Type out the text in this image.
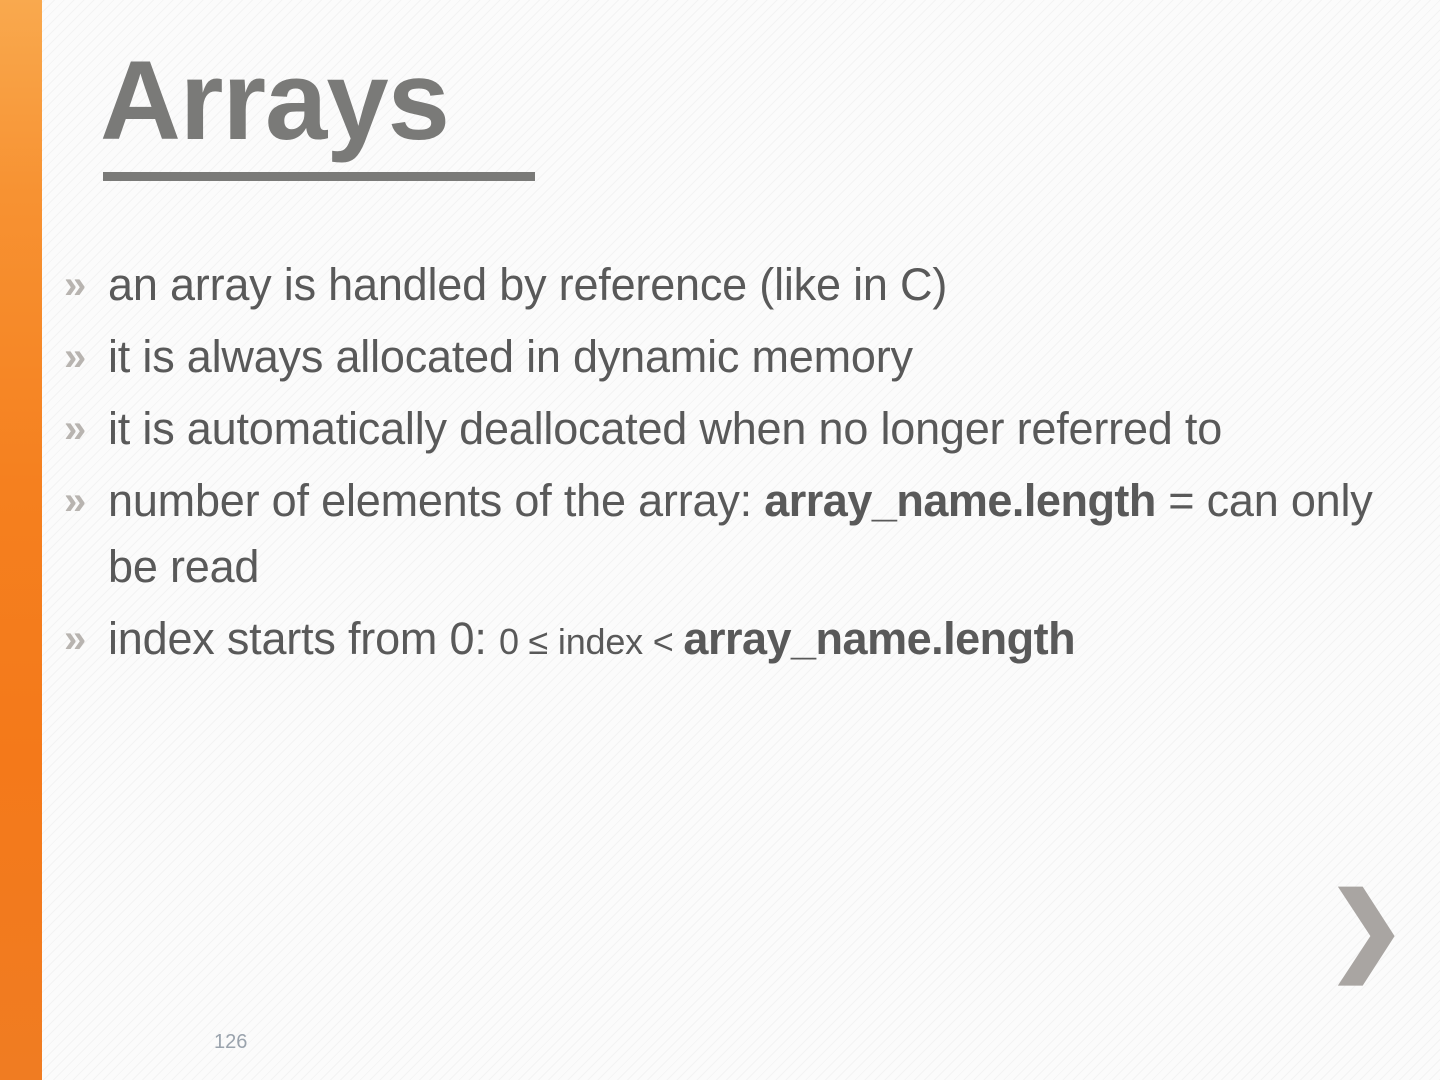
Arrays
» an array is handled by reference (like in C)
» it is always allocated in dynamic memory
» it is automatically deallocated when no longer referred to
» number of elements of the array: array_name.length = can only be read
» index starts from 0: 0 ≤ index < array_name.length
❯
126
